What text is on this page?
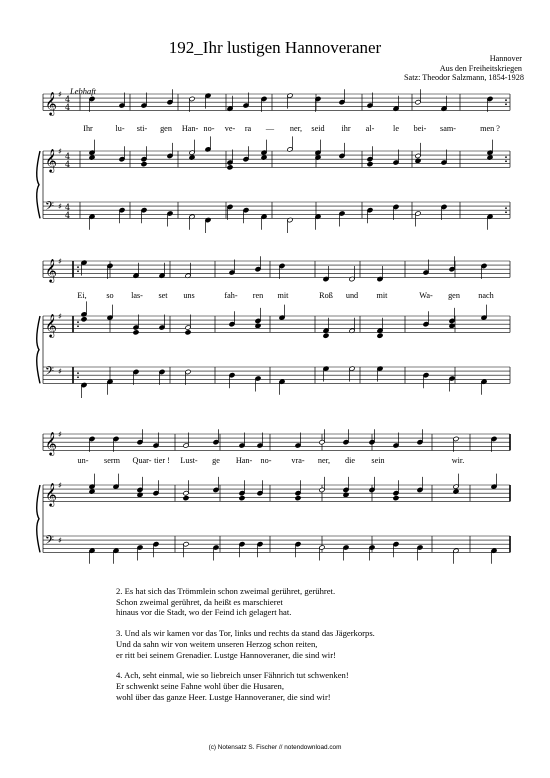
192_Ihr lustigen Hannoveraner
Hannover
Aus den Freiheitskriegen
Satz: Theodor Salzmann, 1854-1928
Lebhaft
𝄞 ♯
4
4
𝄞 ♯
4
4
𝄢 ♯ 4
4
𝄞 ♯
𝄞 ♯
𝄢 ♯
𝄞 ♯
𝄞 ♯
𝄢 ♯
Ihr	lu- sti- gen Han- no- ve- ra — ner, seid ihr al- le bei- sam-	men ?
Ei, so las- set uns	fah- ren mit	Roß und mit	Wa- gen nach
un- serm Quar- tier ! Lust- ge Han- no- vra- ner, die sein	wir.
2. Es hat sich das Trömmlein schon zweimal gerühret, gerühret.
Schon zweimal gerühret, da heißt es marschieret
hinaus vor die Stadt, wo der Feind ich gelagert hat.
3. Und als wir kamen vor das Tor, links und rechts da stand das Jägerkorps.
Und da sahn wir von weitem unseren Herzog schon reiten,
er ritt bei seinem Grenadier. Lustge Hannoveraner, die sind wir!
4. Ach, seht einmal, wie so liebreich unser Fähnrich tut schwenken!
Er schwenkt seine Fahne wohl über die Husaren,
wohl über das ganze Heer. Lustge Hannoveraner, die sind wir!
(c) Notensatz S. Fischer // notendownload.com
